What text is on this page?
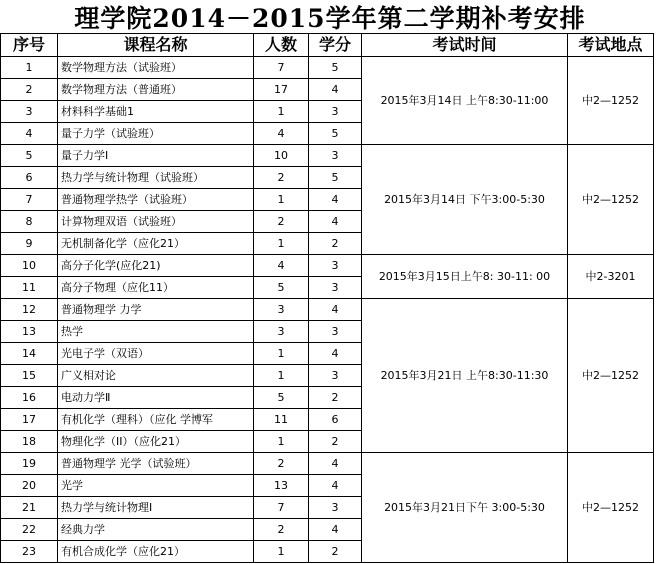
理学院2014－2015学年第二学期补考安排
序号	课程名称	人数	学分	考试时间	考试地点
1	数学物理方法（试验班）	7	5	2015年3月14日 上午8:30-11:00	中2—1252
2	数学物理方法（普通班）	17	4		
3	材料科学基础1	1	3		
4	量子力学（试验班）	4	5		
5	量子力学Ⅰ	10	3	2015年3月14日 下午3:00-5:30	中2—1252
6	热力学与统计物理（试验班）	2	5		
7	普通物理学热学（试验班）	1	4		
8	计算物理双语（试验班）	2	4		
9	无机制备化学（应化21）	1	2		
10	高分子化学(应化21)	4	3	2015年3月15日上午8: 30-11: 00	中2-3201
11	高分子物理（应化11）	5	3		
12	普通物理学 力学	3	4	2015年3月21日 上午8:30-11:30	中2—1252
13	热学	3	3		
14	光电子学（双语）	1	4		
15	广义相对论	1	3		
16	电动力学Ⅱ	5	2		
17	有机化学（理科）（应化 学博军	11	6		
18	物理化学（II）（应化21）	1	2		
19	普通物理学 光学（试验班）	2	4	2015年3月21日下午 3:00-5:30	中2—1252
20	光学	13	4		
21	热力学与统计物理Ⅰ	7	3		
22	经典力学	2	4		
23	有机合成化学（应化21）	1	2		
